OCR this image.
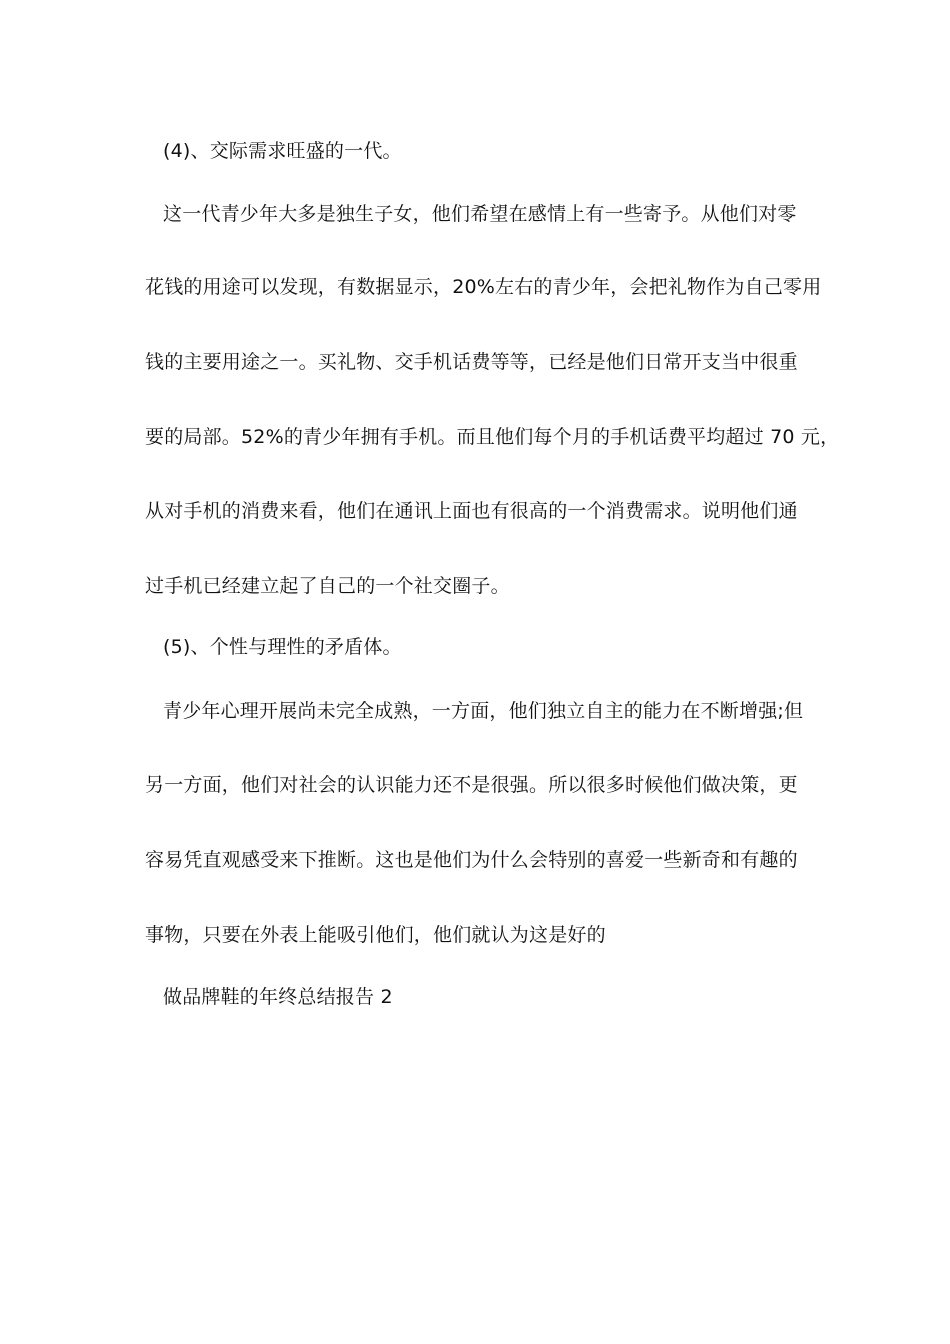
(4)、交际需求旺盛的一代。
这一代青少年大多是独生子女，他们希望在感情上有一些寄予。从他们对零
花钱的用途可以发现，有数据显示，20%左右的青少年，会把礼物作为自己零用
钱的主要用途之一。买礼物、交手机话费等等，已经是他们日常开支当中很重
要的局部。52%的青少年拥有手机。而且他们每个月的手机话费平均超过 70 元，
从对手机的消费来看，他们在通讯上面也有很高的一个消费需求。说明他们通
过手机已经建立起了自己的一个社交圈子。
(5)、个性与理性的矛盾体。
青少年心理开展尚未完全成熟，一方面，他们独立自主的能力在不断增强;但
另一方面，他们对社会的认识能力还不是很强。所以很多时候他们做决策，更
容易凭直观感受来下推断。这也是他们为什么会特别的喜爱一些新奇和有趣的
事物，只要在外表上能吸引他们，他们就认为这是好的
做品牌鞋的年终总结报告 2
